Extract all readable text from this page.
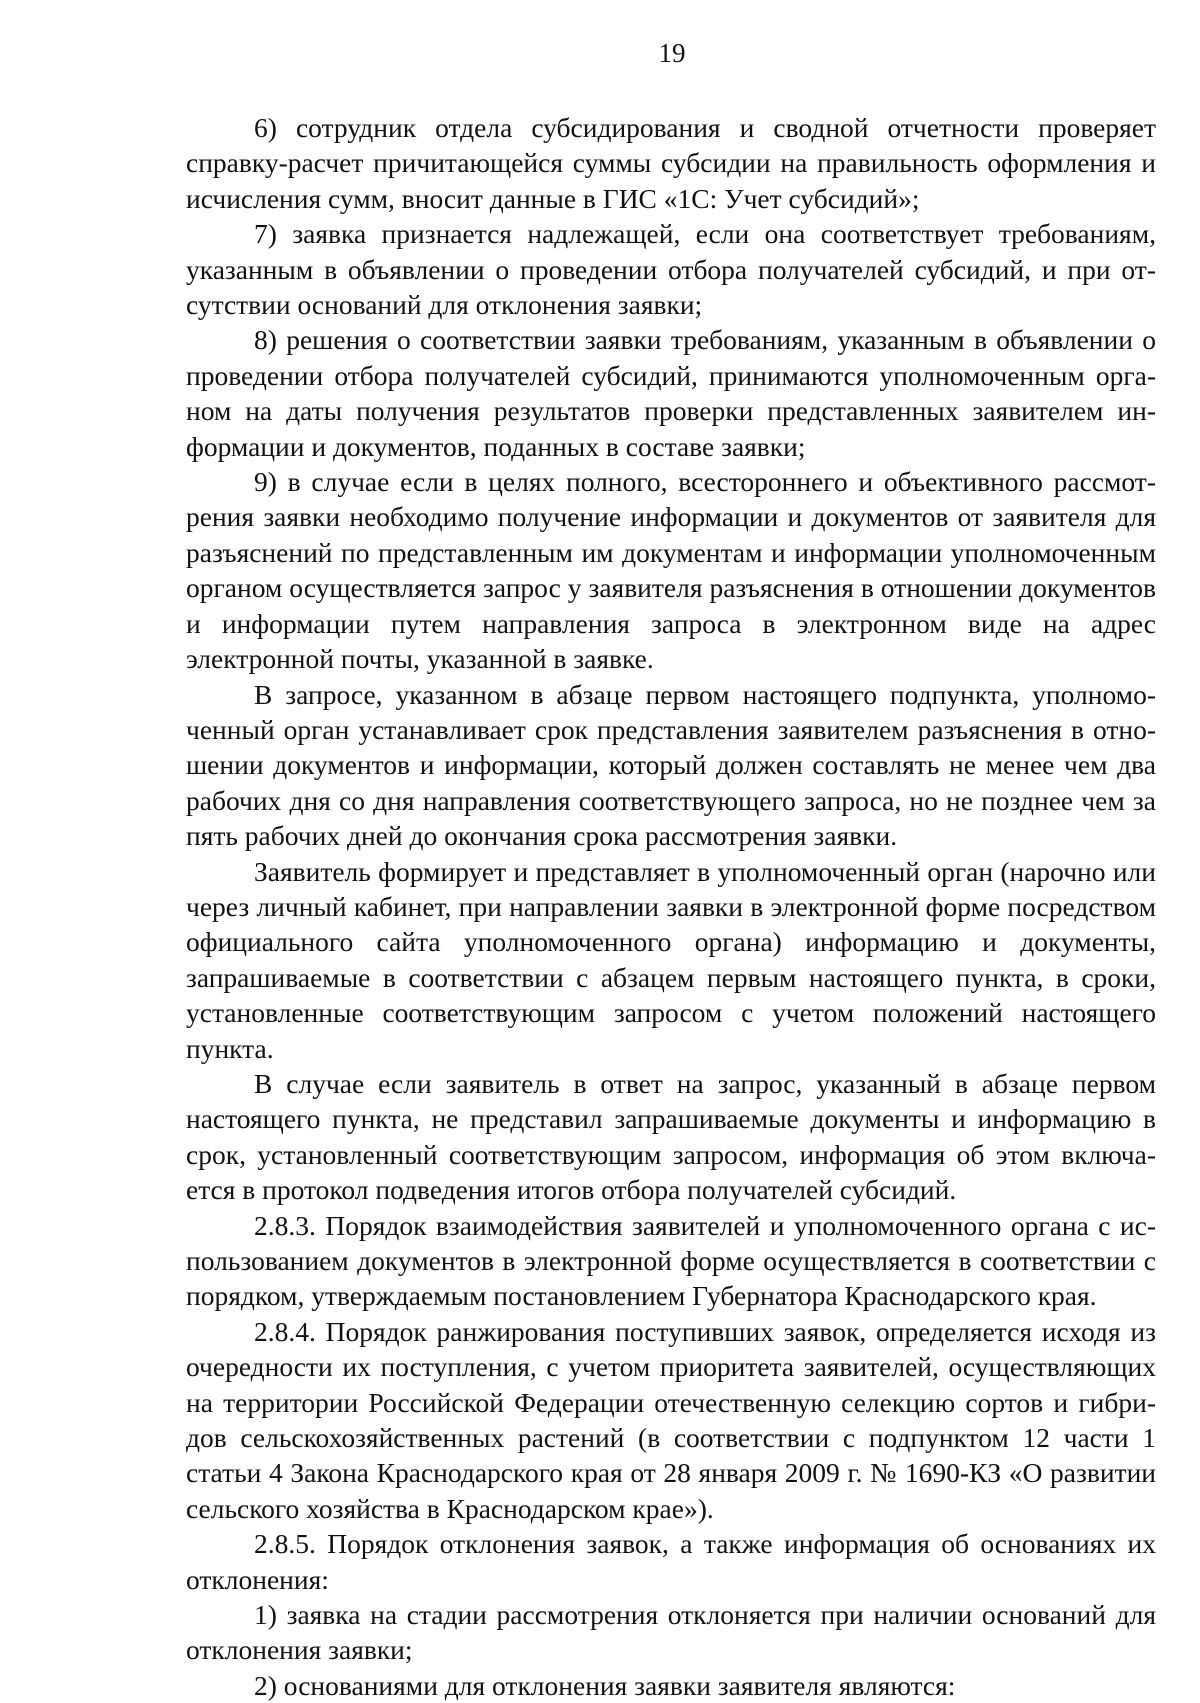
19

6) сотрудник отдела субсидирования и сводной отчетности проверяет справку-расчет причитающейся суммы субсидии на правильность оформления и исчисления сумм, вносит данные в ГИС «1С: Учет субсидий»;

7) заявка признается надлежащей, если она соответствует требованиям, указанным в объявлении о проведении отбора получателей субсидий, и при отсутствии оснований для отклонения заявки;

8) решения о соответствии заявки требованиям, указанным в объявлении о проведении отбора получателей субсидий, принимаются уполномоченным органом на даты получения результатов проверки представленных заявителем информации и документов, поданных в составе заявки;

9) в случае если в целях полного, всестороннего и объективного рассмотрения заявки необходимо получение информации и документов от заявителя для разъяснений по представленным им документам и информации уполномоченным органом осуществляется запрос у заявителя разъяснения в отношении документов и информации путем направления запроса в электронном виде на адрес электронной почты, указанной в заявке.

В запросе, указанном в абзаце первом настоящего подпункта, уполномоченный орган устанавливает срок представления заявителем разъяснения в отношении документов и информации, который должен составлять не менее чем два рабочих дня со дня направления соответствующего запроса, но не позднее чем за пять рабочих дней до окончания срока рассмотрения заявки.

Заявитель формирует и представляет в уполномоченный орган (нарочно или через личный кабинет, при направлении заявки в электронной форме посредством официального сайта уполномоченного органа) информацию и документы, запрашиваемые в соответствии с абзацем первым настоящего пункта, в сроки, установленные соответствующим запросом с учетом положений настоящего пункта.

В случае если заявитель в ответ на запрос, указанный в абзаце первом настоящего пункта, не представил запрашиваемые документы и информацию в срок, установленный соответствующим запросом, информация об этом включается в протокол подведения итогов отбора получателей субсидий.

2.8.3. Порядок взаимодействия заявителей и уполномоченного органа с использованием документов в электронной форме осуществляется в соответствии с порядком, утверждаемым постановлением Губернатора Краснодарского края.

2.8.4. Порядок ранжирования поступивших заявок, определяется исходя из очередности их поступления, с учетом приоритета заявителей, осуществляющих на территории Российской Федерации отечественную селекцию сортов и гибридов сельскохозяйственных растений (в соответствии с подпунктом 12 части 1 статьи 4 Закона Краснодарского края от 28 января 2009 г. № 1690-КЗ «О развитии сельского хозяйства в Краснодарском крае»).

2.8.5. Порядок отклонения заявок, а также информация об основаниях их отклонения:

1) заявка на стадии рассмотрения отклоняется при наличии оснований для отклонения заявки;

2) основаниями для отклонения заявки заявителя являются:
